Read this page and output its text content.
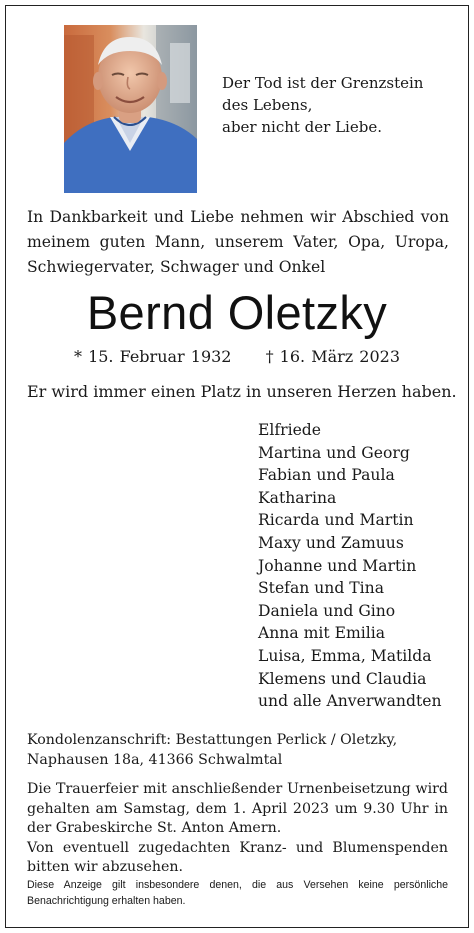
Der Tod ist der Grenzstein
des Lebens,
aber nicht der Liebe.
In Dankbarkeit und Liebe nehmen wir Abschied von
meinem guten Mann, unserem Vater, Opa, Uropa,
Schwiegervater, Schwager und Onkel
Bernd Oletzky
* 15. Februar 1932 † 16. März 2023
Er wird immer einen Platz in unseren Herzen haben.
Elfriede
Martina und Georg
Fabian und Paula
Katharina
Ricarda und Martin
Maxy und Zamuus
Johanne und Martin
Stefan und Tina
Daniela und Gino
Anna mit Emilia
Luisa, Emma, Matilda
Klemens und Claudia
und alle Anverwandten
Kondolenzanschrift: Bestattungen Perlick / Oletzky,
Naphausen 18a, 41366 Schwalmtal
Die Trauerfeier mit anschließender Urnenbeisetzung wird
gehalten am Samstag, dem 1. April 2023 um 9.30 Uhr in
der Grabeskirche St. Anton Amern.
Von eventuell zugedachten Kranz- und Blumenspenden
bitten wir abzusehen.
Diese Anzeige gilt insbesondere denen, die aus Versehen keine persönliche
Benachrichtigung erhalten haben.
